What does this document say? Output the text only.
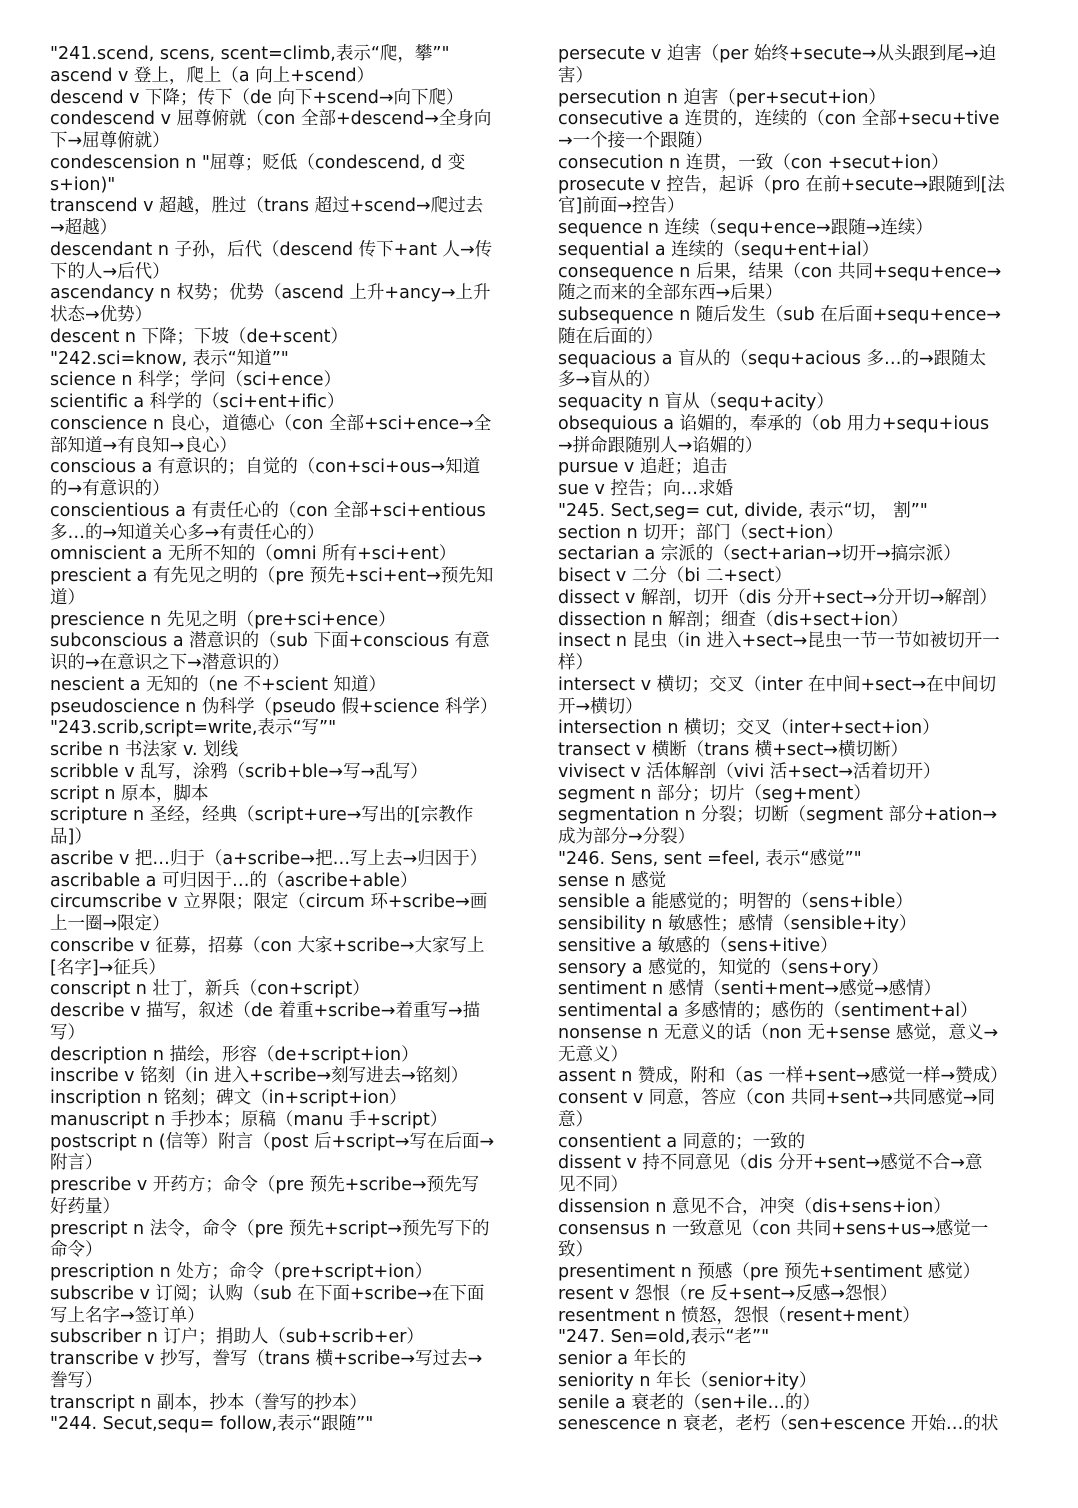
"241.scend, scens, scent=climb,表示“爬，攀”"
ascend v 登上，爬上（a 向上+scend）
descend v 下降；传下（de 向下+scend→向下爬）
condescend v 屈尊俯就（con 全部+descend→全身向
下→屈尊俯就）
condescension n "屈尊；贬低（condescend, d 变
s+ion)"
transcend v 超越，胜过（trans 超过+scend→爬过去
→超越）
descendant n 子孙，后代（descend 传下+ant 人→传
下的人→后代）
ascendancy n 权势；优势（ascend 上升+ancy→上升
状态→优势）
descent n 下降；下坡（de+scent）
"242.sci=know, 表示“知道”"
science n 科学；学问（sci+ence）
scientific a 科学的（sci+ent+ific）
conscience n 良心，道德心（con 全部+sci+ence→全
部知道→有良知→良心）
conscious a 有意识的；自觉的（con+sci+ous→知道
的→有意识的）
conscientious a 有责任心的（con 全部+sci+entious
多…的→知道关心多→有责任心的）
omniscient a 无所不知的（omni 所有+sci+ent）
prescient a 有先见之明的（pre 预先+sci+ent→预先知
道）
prescience n 先见之明（pre+sci+ence）
subconscious a 潜意识的（sub 下面+conscious 有意
识的→在意识之下→潜意识的）
nescient a 无知的（ne 不+scient 知道）
pseudoscience n 伪科学（pseudo 假+science 科学）
"243.scrib,script=write,表示“写”"
scribe n 书法家 v. 划线
scribble v 乱写，涂鸦（scrib+ble→写→乱写）
script n 原本，脚本
scripture n 圣经，经典（script+ure→写出的[宗教作
品]）
ascribe v 把…归于（a+scribe→把…写上去→归因于）
ascribable a 可归因于…的（ascribe+able）
circumscribe v 立界限；限定（circum 环+scribe→画
上一圈→限定）
conscribe v 征募，招募（con 大家+scribe→大家写上
[名字]→征兵）
conscript n 壮丁，新兵（con+script）
describe v 描写，叙述（de 着重+scribe→着重写→描
写）
description n 描绘，形容（de+script+ion）
inscribe v 铭刻（in 进入+scribe→刻写进去→铭刻）
inscription n 铭刻；碑文（in+script+ion）
manuscript n 手抄本；原稿（manu 手+script）
postscript n (信等）附言（post 后+script→写在后面→
附言）
prescribe v 开药方；命令（pre 预先+scribe→预先写
好药量）
prescript n 法令，命令（pre 预先+script→预先写下的
命令）
prescription n 处方；命令（pre+script+ion）
subscribe v 订阅；认购（sub 在下面+scribe→在下面
写上名字→签订单）
subscriber n 订户；捐助人（sub+scrib+er）
transcribe v 抄写，誊写（trans 横+scribe→写过去→
誊写）
transcript n 副本，抄本（誊写的抄本）
"244. Secut,sequ= follow,表示“跟随”"
persecute v 迫害（per 始终+secute→从头跟到尾→迫
害）
persecution n 迫害（per+secut+ion）
consecutive a 连贯的，连续的（con 全部+secu+tive
→一个接一个跟随）
consecution n 连贯，一致（con +secut+ion）
prosecute v 控告，起诉（pro 在前+secute→跟随到[法
官]前面→控告）
sequence n 连续（sequ+ence→跟随→连续）
sequential a 连续的（sequ+ent+ial）
consequence n 后果，结果（con 共同+sequ+ence→
随之而来的全部东西→后果）
subsequence n 随后发生（sub 在后面+sequ+ence→
随在后面的）
sequacious a 盲从的（sequ+acious 多…的→跟随太
多→盲从的）
sequacity n 盲从（sequ+acity）
obsequious a 谄媚的，奉承的（ob 用力+sequ+ious
→拼命跟随别人→谄媚的）
pursue v 追赶；追击
sue v 控告；向…求婚
"245. Sect,seg= cut, divide, 表示“切， 割”"
section n 切开；部门（sect+ion）
sectarian a 宗派的（sect+arian→切开→搞宗派）
bisect v 二分（bi 二+sect）
dissect v 解剖，切开（dis 分开+sect→分开切→解剖）
dissection n 解剖；细查（dis+sect+ion）
insect n 昆虫（in 进入+sect→昆虫一节一节如被切开一
样）
intersect v 横切；交叉（inter 在中间+sect→在中间切
开→横切）
intersection n 横切；交叉（inter+sect+ion）
transect v 横断（trans 横+sect→横切断）
vivisect v 活体解剖（vivi 活+sect→活着切开）
segment n 部分；切片（seg+ment）
segmentation n 分裂；切断（segment 部分+ation→
成为部分→分裂）
"246. Sens, sent =feel, 表示“感觉”"
sense n 感觉
sensible a 能感觉的；明智的（sens+ible）
sensibility n 敏感性；感情（sensible+ity）
sensitive a 敏感的（sens+itive）
sensory a 感觉的，知觉的（sens+ory）
sentiment n 感情（senti+ment→感觉→感情）
sentimental a 多感情的；感伤的（sentiment+al）
nonsense n 无意义的话（non 无+sense 感觉，意义→
无意义）
assent n 赞成，附和（as 一样+sent→感觉一样→赞成）
consent v 同意，答应（con 共同+sent→共同感觉→同
意）
consentient a 同意的；一致的
dissent v 持不同意见（dis 分开+sent→感觉不合→意
见不同）
dissension n 意见不合，冲突（dis+sens+ion）
consensus n 一致意见（con 共同+sens+us→感觉一
致）
presentiment n 预感（pre 预先+sentiment 感觉）
resent v 怨恨（re 反+sent→反感→怨恨）
resentment n 愤怒，怨恨（resent+ment）
"247. Sen=old,表示“老”"
senior a 年长的
seniority n 年长（senior+ity）
senile a 衰老的（sen+ile…的）
senescence n 衰老，老朽（sen+escence 开始…的状
